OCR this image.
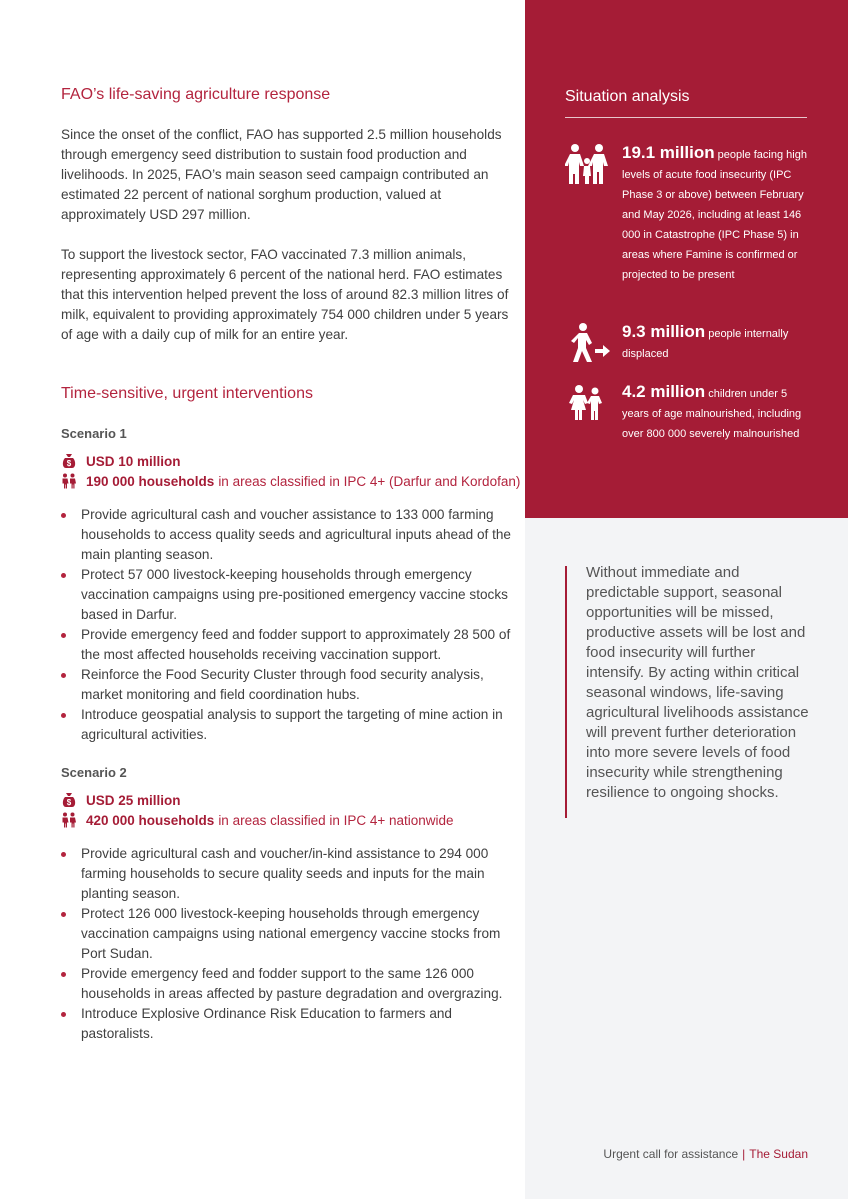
Situation analysis
19.1 million people facing high levels of acute food insecurity (IPC Phase 3 or above) between February and May 2026, including at least 146 000 in Catastrophe (IPC Phase 5) in areas where Famine is confirmed or projected to be present
9.3 million people internally displaced
4.2 million children under 5 years of age malnourished, including over 800 000 severely malnourished
FAO’s life-saving agriculture response

Since the onset of the conflict, FAO has supported 2.5 million households through emergency seed distribution to sustain food production and livelihoods. In 2025, FAO’s main season seed campaign contributed an estimated 22 percent of national sorghum production, valued at approximately USD 297 million.

To support the livestock sector, FAO vaccinated 7.3 million animals, representing approximately 6 percent of the national herd. FAO estimates that this intervention helped prevent the loss of around 82.3 million litres of milk, equivalent to providing approximately 754 000 children under 5 years of age with a daily cup of milk for an entire year.

Time-sensitive, urgent interventions
Scenario 1
$ USD 10 million
190 000 households in areas classified in IPC 4+ (Darfur and Kordofan)
Provide agricultural cash and voucher assistance to 133 000 farming households to access quality seeds and agricultural inputs ahead of the main planting season.
Protect 57 000 livestock-keeping households through emergency vaccination campaigns using pre-positioned emergency vaccine stocks based in Darfur.
Provide emergency feed and fodder support to approximately 28 500 of the most affected households receiving vaccination support.
Reinforce the Food Security Cluster through food security analysis, market monitoring and field coordination hubs.
Introduce geospatial analysis to support the targeting of mine action in agricultural activities.
Scenario 2
$ USD 25 million
420 000 households in areas classified in IPC 4+ nationwide
Provide agricultural cash and voucher/in-kind assistance to 294 000 farming households to secure quality seeds and inputs for the main planting season.
Protect 126 000 livestock-keeping households through emergency vaccination campaigns using national emergency vaccine stocks from Port Sudan.
Provide emergency feed and fodder support to the same 126 000 households in areas affected by pasture degradation and overgrazing.
Introduce Explosive Ordinance Risk Education to farmers and pastoralists.

Without immediate and predictable support, seasonal opportunities will be missed, productive assets will be lost and food insecurity will further intensify. By acting within critical seasonal windows, life-saving agricultural livelihoods assistance will prevent further deterioration into more severe levels of food insecurity while strengthening resilience to ongoing shocks.

Urgent call for assistance | The Sudan
